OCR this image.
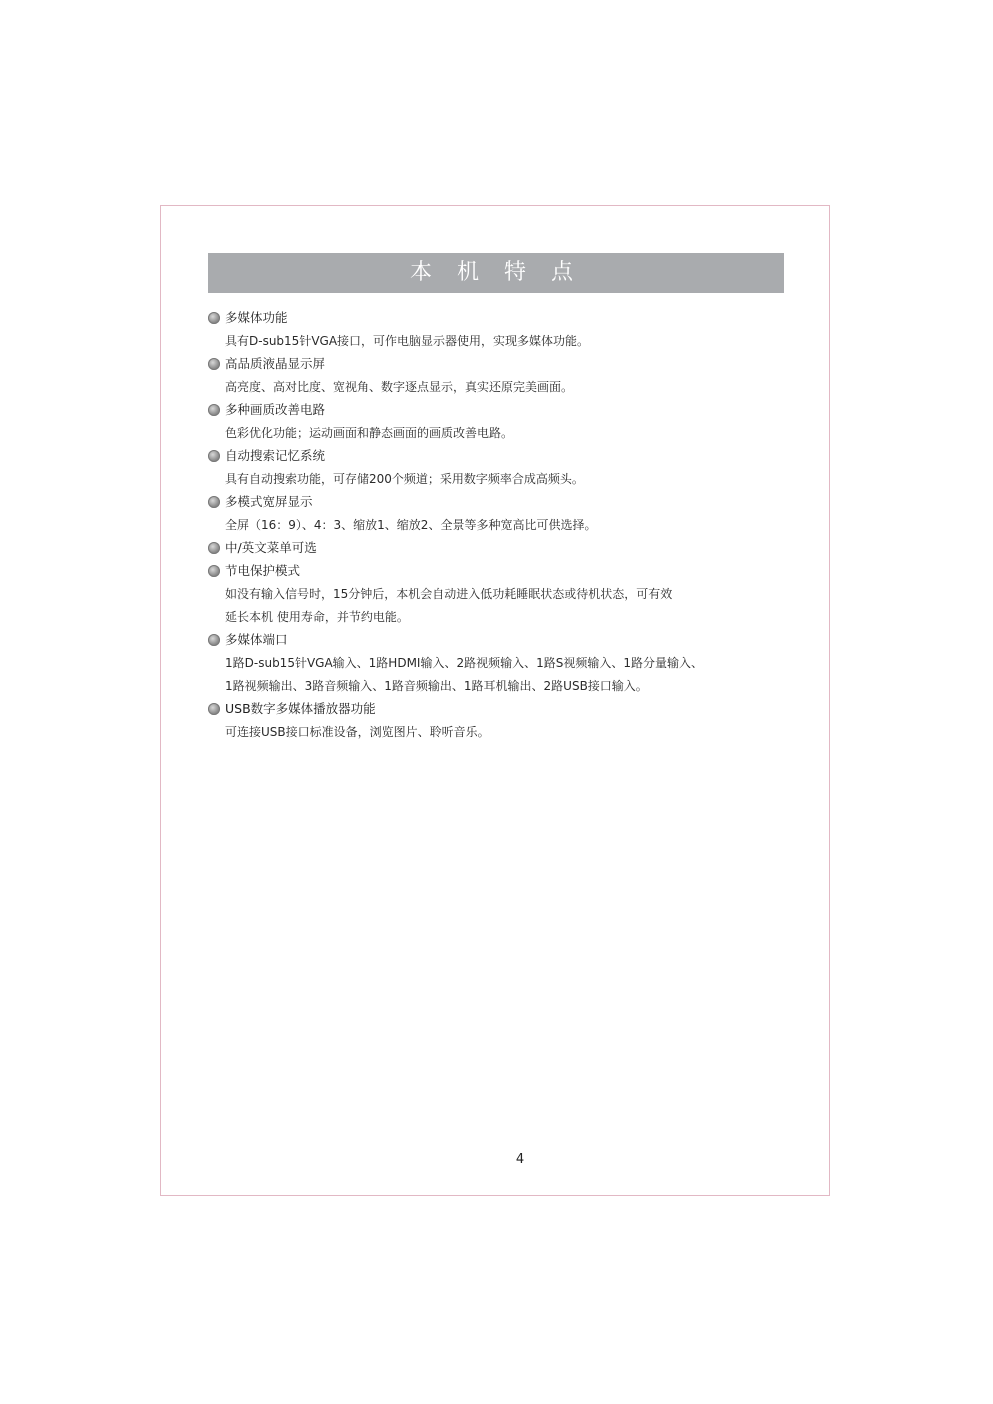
本 机 特 点
多媒体功能
具有D-sub15针VGA接口，可作电脑显示器使用，实现多媒体功能。
高品质液晶显示屏
高亮度、高对比度、宽视角、数字逐点显示，真实还原完美画面。
多种画质改善电路
色彩优化功能；运动画面和静态画面的画质改善电路。
自动搜索记忆系统
具有自动搜索功能，可存储200个频道；采用数字频率合成高频头。
多模式宽屏显示
全屏（16：9）、4：3、缩放1、缩放2、全景等多种宽高比可供选择。
中/英文菜单可选
节电保护模式
如没有输入信号时，15分钟后，本机会自动进入低功耗睡眠状态或待机状态，可有效
延长本机 使用寿命，并节约电能。
多媒体端口
1路D-sub15针VGA输入、1路HDMI输入、2路视频输入、1路S视频输入、1路分量输入、
1路视频输出、3路音频输入、1路音频输出、1路耳机输出、2路USB接口输入。
USB数字多媒体播放器功能
可连接USB接口标准设备，浏览图片、聆听音乐。
4
